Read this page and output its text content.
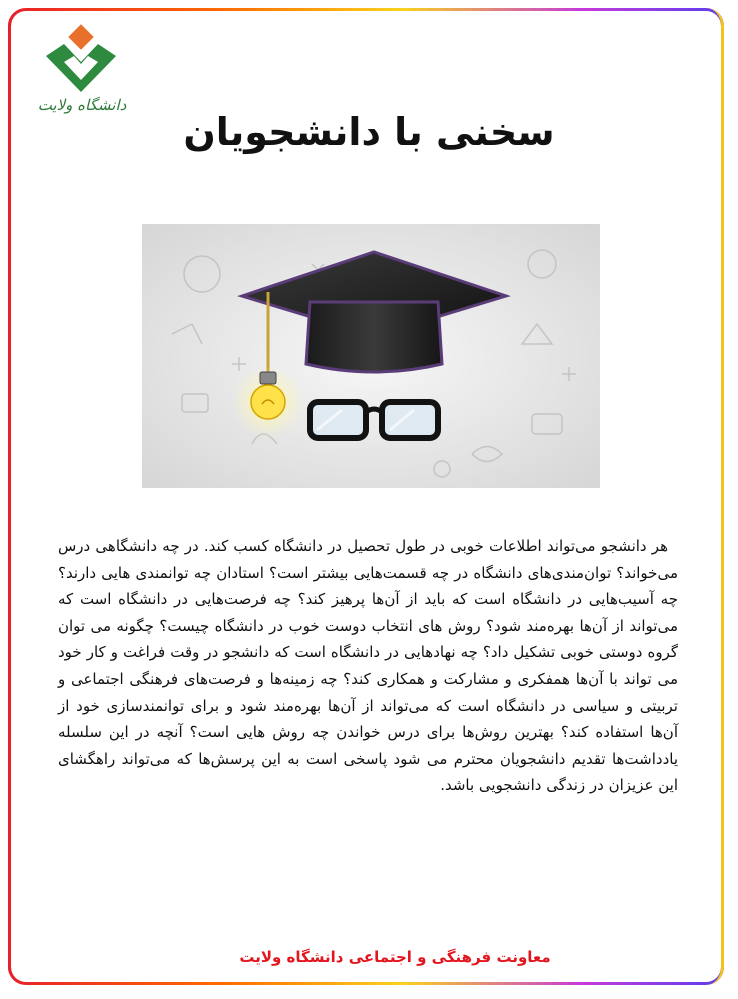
دانشگاه ولایت
سخنی با دانشجویان
هر دانشجو می‌تواند اطلاعات خوبی در طول تحصیل در دانشگاه کسب کند. در چه دانشگاهی درس می‌خواند؟ توان‌مندی‌های دانشگاه در چه قسمت‌هایی بیشتر است؟ استادان چه توانمندی هایی دارند؟ چه آسیب‌هایی در دانشگاه است که باید از آن‌ها پرهیز کند؟ چه فرصت‌هایی در دانشگاه است که می‌تواند از آن‌ها بهره‌مند شود؟ روش های انتخاب دوست خوب در دانشگاه چیست؟ چگونه می توان گروه دوستی خوبی تشکیل داد؟ چه نهادهایی در دانشگاه است که دانشجو در وقت فراغت و کار خود می تواند با آن‌ها همفکری و مشارکت و همکاری کند؟ چه زمینه‌ها و فرصت‌های فرهنگی اجتماعی و تربیتی و سیاسی در دانشگاه است که می‌تواند از آن‌ها بهره‌مند شود و برای توانمندسازی خود از آن‌ها استفاده کند؟ بهترین روش‌ها برای درس خواندن چه روش هایی است؟ آنچه در این سلسله یادداشت‌ها تقدیم دانشجویان محترم می شود پاسخی است به این پرسش‌ها که می‌تواند راهگشای این عزیزان در زندگی دانشجویی باشد.
معاونت فرهنگی و اجتماعی دانشگاه ولایت
